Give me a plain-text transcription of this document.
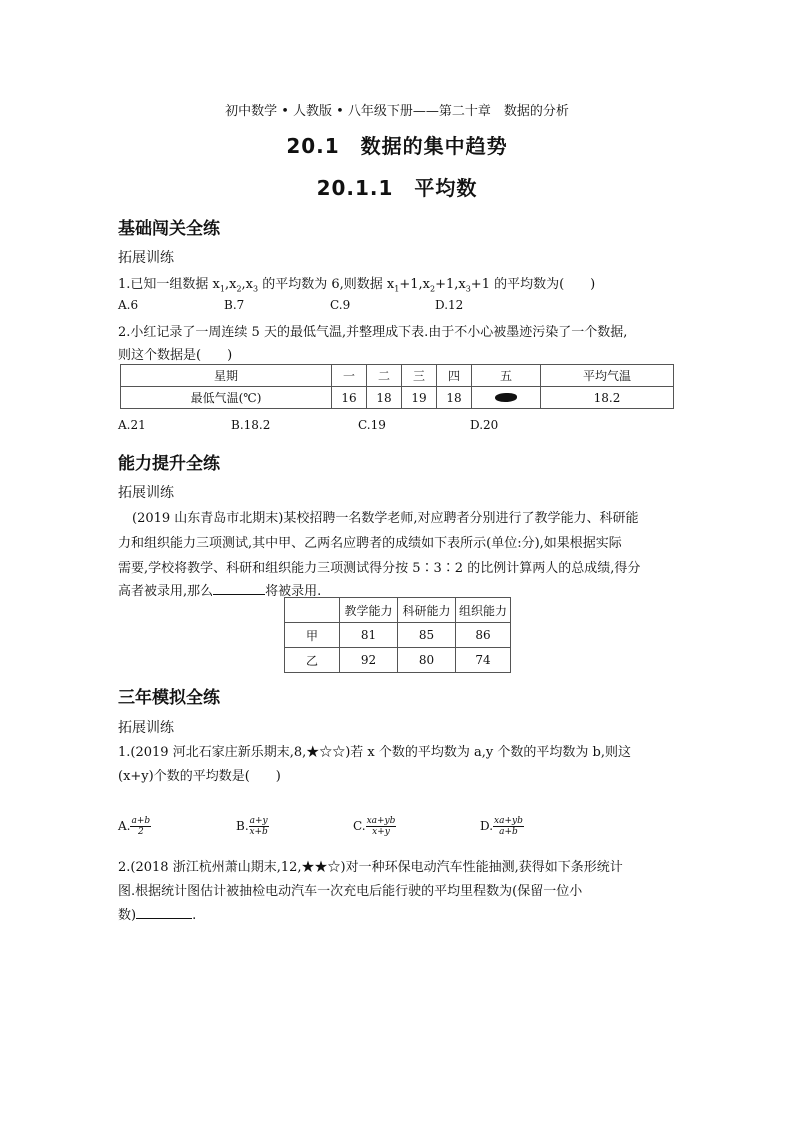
初中数学 • 人教版 • 八年级下册——第二十章　数据的分析
20.1　数据的集中趋势
20.1.1　平均数
基础闯关全练
拓展训练
1.已知一组数据 $x_1,x_2,x_3$ 的平均数为 6,则数据 $x_1+1,x_2+1,x_3+1$ 的平均数为(　　)
A.6	B.7	C.9	D.12
2.小红记录了一周连续 5 天的最低气温,并整理成下表.由于不小心被墨迹污染了一个数据,
则这个数据是(　　)
星期	一	二	三	四	五	平均气温
最低气温(℃)	16	18	19	18		18.2
A.21	B.18.2	C.19	D.20
能力提升全练
拓展训练
(2019 山东青岛市北期末)某校招聘一名数学老师,对应聘者分别进行了教学能力、科研能
力和组织能力三项测试,其中甲、乙两名应聘者的成绩如下表所示(单位:分),如果根据实际
需要,学校将教学、科研和组织能力三项测试得分按 5∶3∶2 的比例计算两人的总成绩,得分
高者被录用,那么	将被录用.
	教学能力	科研能力	组织能力
甲	81	85	86
乙	92	80	74
三年模拟全练
拓展训练
1.(2019 河北石家庄新乐期末,8,★☆☆)若 x 个数的平均数为 a,y 个数的平均数为 b,则这
(x+y)个数的平均数是(　　)
A. $\frac{a+b}{2}$	B. $\frac{a+y}{x+b}$	C. $\frac{xa+yb}{x+y}$	D. $\frac{xa+yb}{a+b}$
2.(2018 浙江杭州萧山期末,12,★★☆)对一种环保电动汽车性能抽测,获得如下条形统计
图.根据统计图估计被抽检电动汽车一次充电后能行驶的平均里程数为(保留一位小
数)	.
